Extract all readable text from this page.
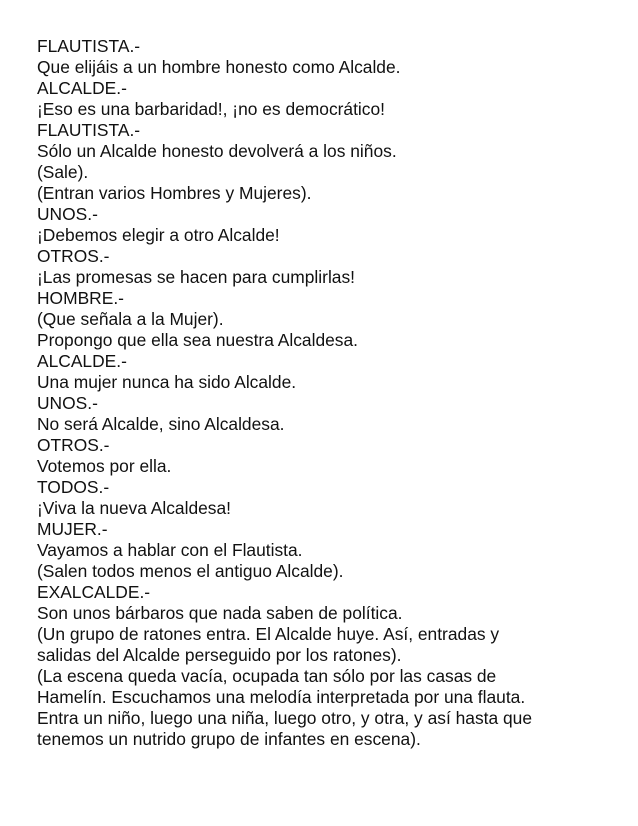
FLAUTISTA.-
Que elijáis a un hombre honesto como Alcalde.
ALCALDE.-
¡Eso es una barbaridad!, ¡no es democrático!
FLAUTISTA.-
Sólo un Alcalde honesto devolverá a los niños.
(Sale).
(Entran varios Hombres y Mujeres).
UNOS.-
¡Debemos elegir a otro Alcalde!
OTROS.-
¡Las promesas se hacen para cumplirlas!
HOMBRE.-
(Que señala a la Mujer).
Propongo que ella sea nuestra Alcaldesa.
ALCALDE.-
Una mujer nunca ha sido Alcalde.
UNOS.-
No será Alcalde, sino Alcaldesa.
OTROS.-
Votemos por ella.
TODOS.-
¡Viva la nueva Alcaldesa!
MUJER.-
Vayamos a hablar con el Flautista.
(Salen todos menos el antiguo Alcalde).
EXALCALDE.-
Son unos bárbaros que nada saben de política.
(Un grupo de ratones entra. El Alcalde huye. Así, entradas y
salidas del Alcalde perseguido por los ratones).
(La escena queda vacía, ocupada tan sólo por las casas de
Hamelín. Escuchamos una melodía interpretada por una flauta.
Entra un niño, luego una niña, luego otro, y otra, y así hasta que
tenemos un nutrido grupo de infantes en escena).
